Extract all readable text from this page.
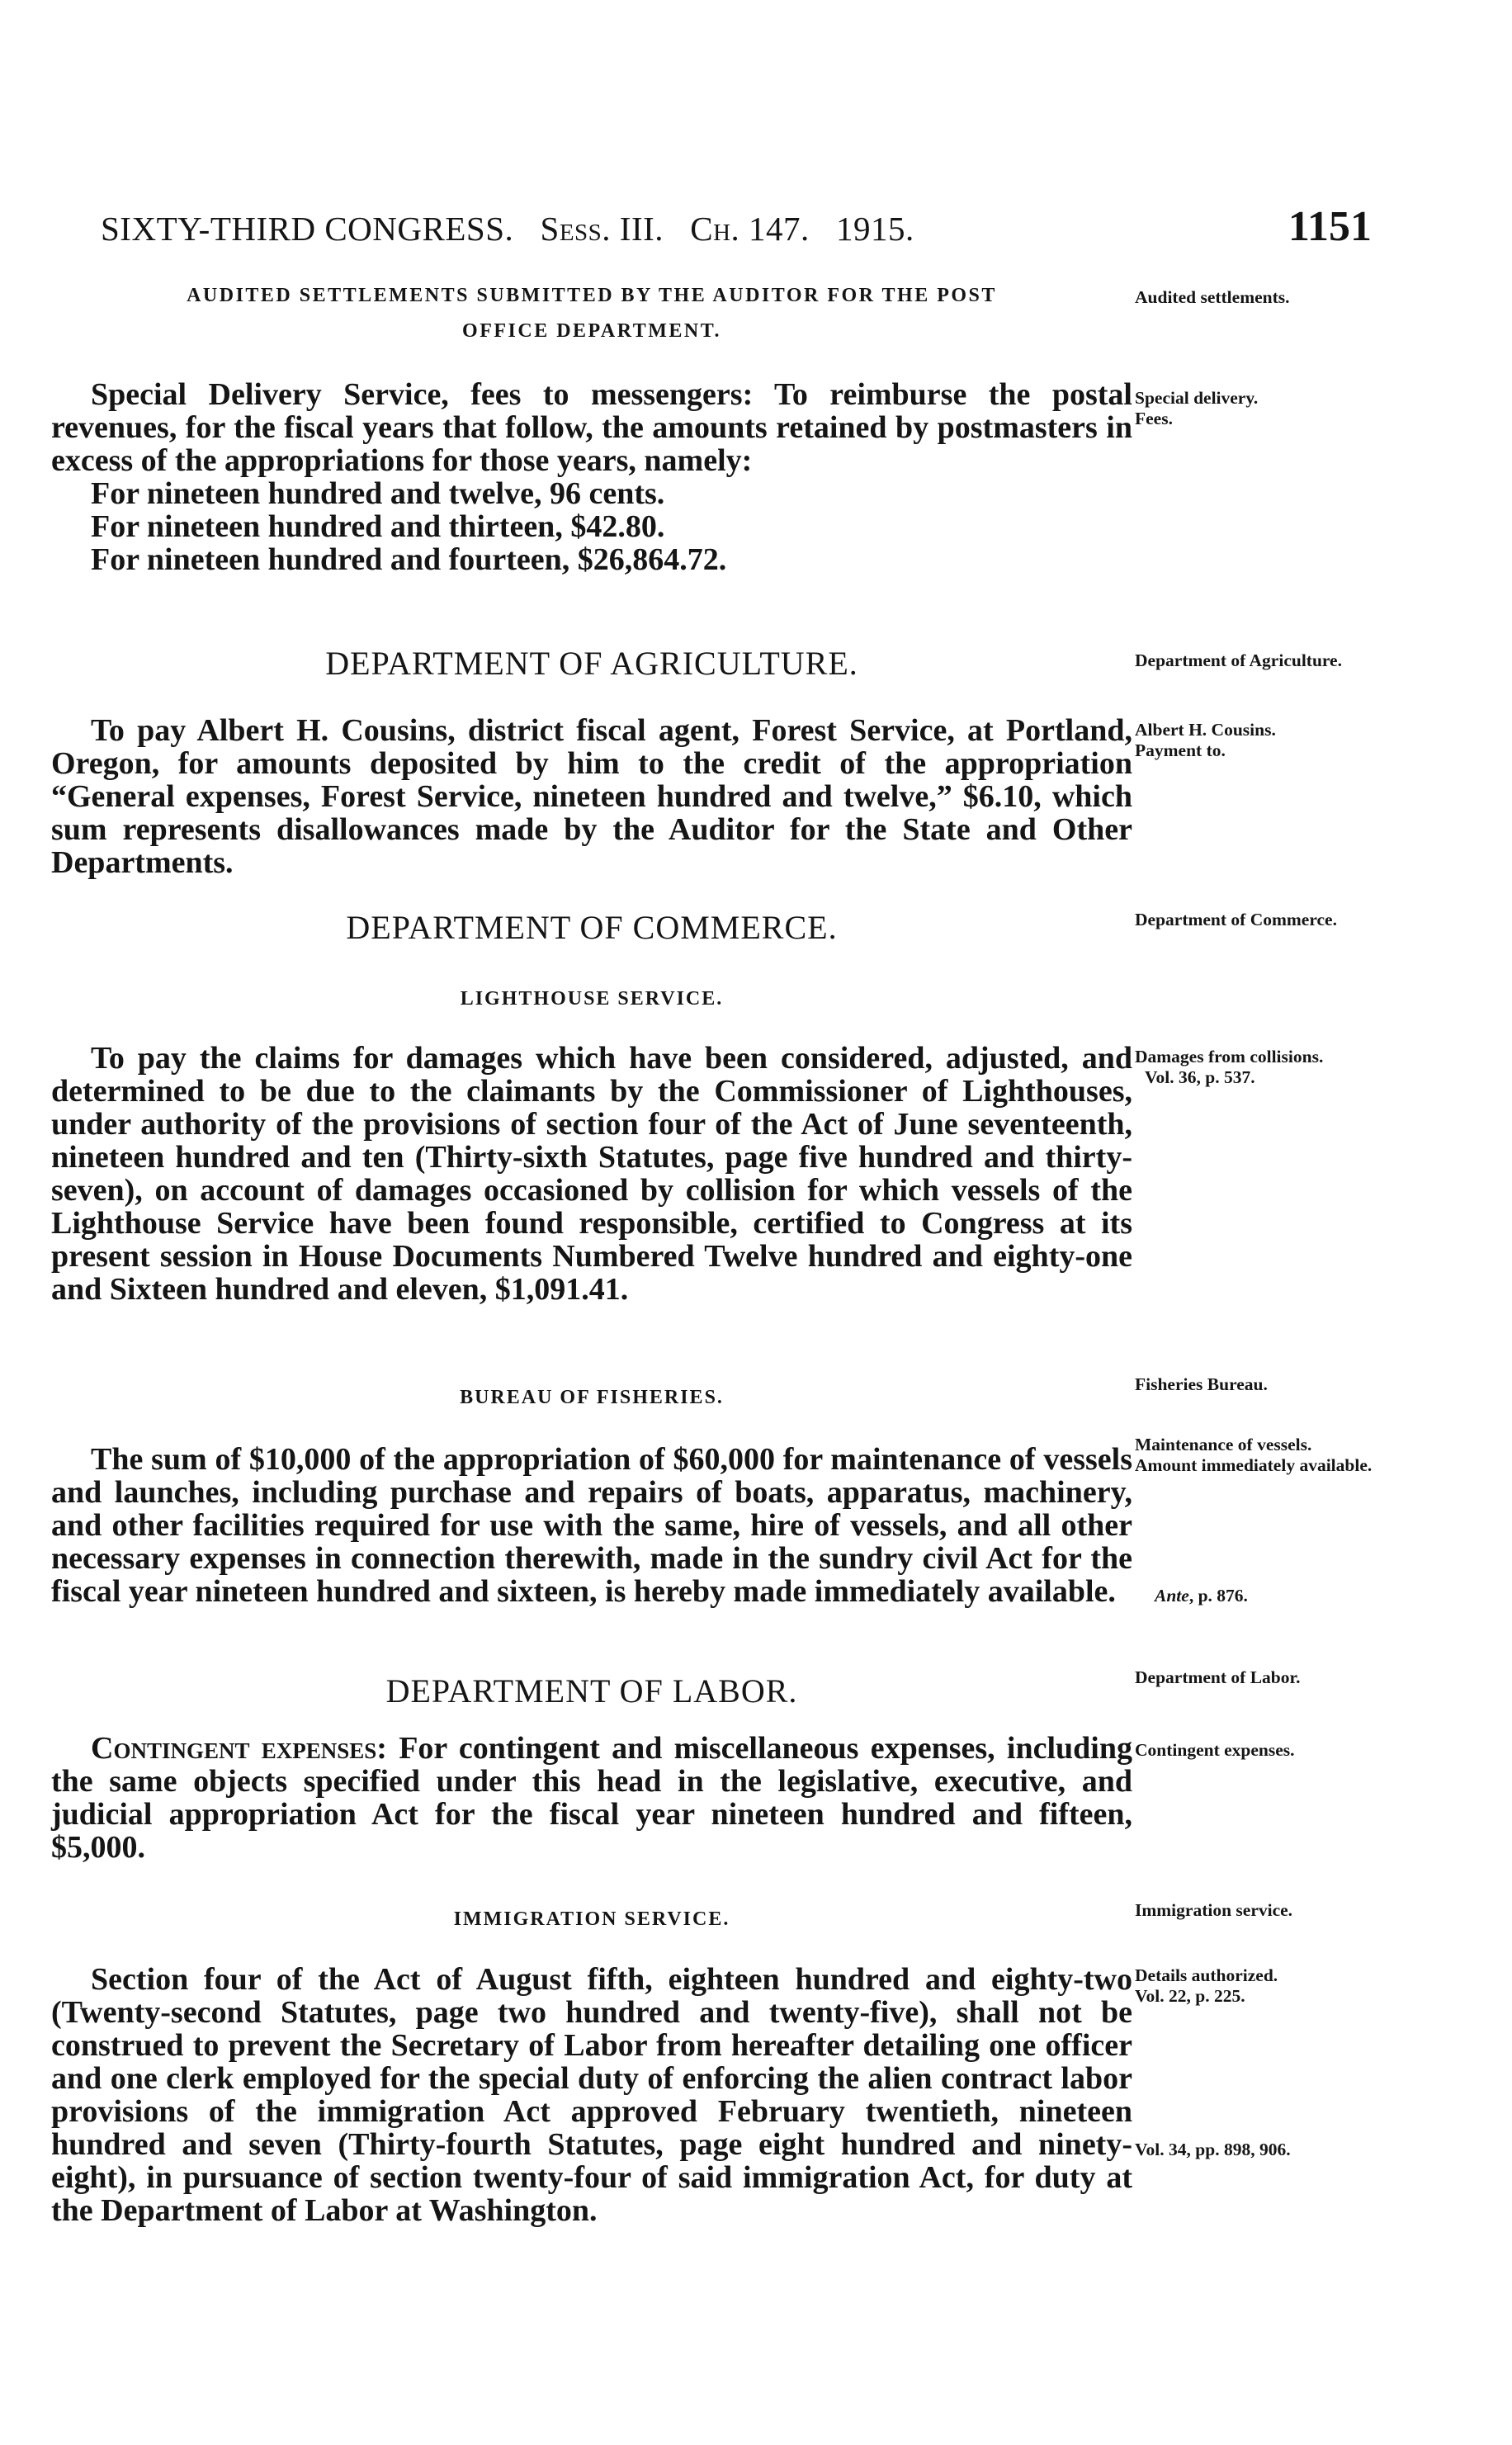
SIXTY-THIRD CONGRESS. Sess. III. Ch. 147. 1915.	1151
AUDITED SETTLEMENTS SUBMITTED BY THE AUDITOR FOR THE POST
OFFICE DEPARTMENT.
Audited settlements.

Special Delivery Service, fees to messengers: To reimburse the postal revenues, for the fiscal years that follow, the amounts retained by postmasters in excess of the appropriations for those years, namely:

For nineteen hundred and twelve, 96 cents.
For nineteen hundred and thirteen, $42.80.
For nineteen hundred and fourteen, $26,864.72.
Special delivery.
Fees.
DEPARTMENT OF AGRICULTURE.	Department of Agriculture.

To pay Albert H. Cousins, district fiscal agent, Forest Service, at Portland, Oregon, for amounts deposited by him to the credit of the appropriation “General expenses, Forest Service, nineteen hundred and twelve,” $6.10, which sum represents disallowances made by the Auditor for the State and Other Departments.

Albert H. Cousins.
Payment to.
DEPARTMENT OF COMMERCE.	Department of Commerce.
LIGHTHOUSE SERVICE.

To pay the claims for damages which have been considered, adjusted, and determined to be due to the claimants by the Commissioner of Lighthouses, under authority of the provisions of section four of the Act of June seventeenth, nineteen hundred and ten (Thirty-sixth Statutes, page five hundred and thirty-seven), on account of damages occasioned by collision for which vessels of the Lighthouse Service have been found responsible, certified to Congress at its present session in House Documents Numbered Twelve hundred and eighty-one and Sixteen hundred and eleven, $1,091.41.

Damages from collisions.
Vol. 36, p. 537.
BUREAU OF FISHERIES.
Fisheries Bureau.

The sum of $10,000 of the appropriation of $60,000 for maintenance of vessels and launches, including purchase and repairs of boats, apparatus, machinery, and other facilities required for use with the same, hire of vessels, and all other necessary expenses in connection therewith, made in the sundry civil Act for the fiscal year nineteen hundred and sixteen, is hereby made immediately available.

Maintenance of vessels.
Amount immediately available.
Ante, p. 876.
DEPARTMENT OF LABOR.	Department of Labor.

Contingent expenses: For contingent and miscellaneous expenses, including the same objects specified under this head in the legislative, executive, and judicial appropriation Act for the fiscal year nineteen hundred and fifteen, $5,000.

Contingent expenses.
IMMIGRATION SERVICE.	Immigration service.

Section four of the Act of August fifth, eighteen hundred and eighty-two (Twenty-second Statutes, page two hundred and twenty-five), shall not be construed to prevent the Secretary of Labor from hereafter detailing one officer and one clerk employed for the special duty of enforcing the alien contract labor provisions of the immigration Act approved February twentieth, nineteen hundred and seven (Thirty-fourth Statutes, page eight hundred and ninety-eight), in pursuance of section twenty-four of said immigration Act, for duty at the Department of Labor at Washington.

Details authorized.
Vol. 22, p. 225.
Vol. 34, pp. 898, 906.
